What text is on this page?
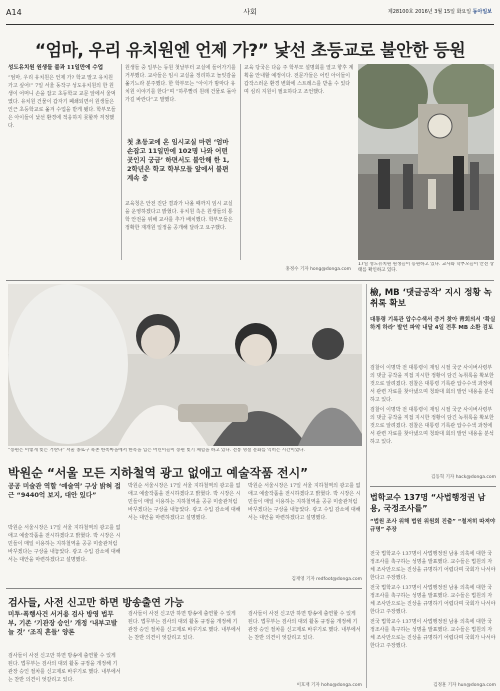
A14	사회	제28100호 2016년 3월 15일 화요일 동아일보
“엄마, 우리 유치원엔 언제 가?” 낯선 초등교로 불안한 등원

성도유치원 원생들 불과 11일만에 수업

“엄마, 우리 유치원은 언제 가? 학교 말고 유치원 가고 싶어!” 7일 서울 동작구 성도유치원의 한 원생이 어머니 손을 잡고 초등학교 교문 앞에서 울먹였다. 유치원 건물이 갑자기 폐쇄되면서 원생들은 인근 초등학교로 옮겨 수업을 받게 됐다. 학부모들은 아이들이 낯선 환경에 적응하지 못할까 걱정했다.

원생들 중 일부는 등원 첫날부터 교실에 들어가기를 거부했다. 교사들은 임시 교실을 정리하고 놀잇감을 옮기느라 분주했다. 한 학부모는 “아이가 밤마다 유치원 이야기를 한다”며 “하루빨리 원래 건물로 돌아가길 바란다”고 말했다.

첫 초등교에 온 임시교실 마련 ‘엄마 손잡고 11일만에 102명 나와 어떤 곳인지 궁금’ 하면서도 불안해 한 1, 2학년은 학교 학부모들 앞에서 불편 계속 중

교육청은 안전 진단 결과가 나올 때까지 임시 교실을 운영하겠다고 밝혔다. 유치원 측은 원생들의 통학 안전을 위해 교사를 추가 배치했다. 학부모들은 정확한 재개원 일정을 공개해 달라고 요구했다.

교육 당국은 다음 주 학부모 설명회를 열고 향후 계획을 안내할 예정이다. 전문가들은 어린 아이들이 갑작스러운 환경 변화에 스트레스를 받을 수 있다며 심리 지원이 필요하다고 조언했다.

홍정수 기자 hong@donga.com
17일 성도유치원 원생들이 등원하고 있다. 교사와 학부모들이 안전 상태를 확인하고 있다.
“송편은 이렇게 빚는 거란다” 서울 종로구 북촌 한옥마을에서 한복을 입은 어린이들이 송편 빚기 체험을 하고 있다. 전통 명절 문화를 익히는 시간이었다.
박원순 “서울 모든 지하철역 광고 없애고 예술작품 전시”
공공 미술관 역할 ‘예술역’ 구상 밝혀 접근 “9440억 보지, 대안 있다”

박원순 서울시장은 17일 서울 지하철역의 광고를 없애고 예술작품을 전시하겠다고 밝혔다. 박 시장은 시민들이 매일 이용하는 지하철역을 공공 미술관처럼 바꾸겠다는 구상을 내놓았다. 광고 수입 감소에 대해서는 대안을 마련하겠다고 설명했다.

박원순 서울시장은 17일 서울 지하철역의 광고를 없애고 예술작품을 전시하겠다고 밝혔다. 박 시장은 시민들이 매일 이용하는 지하철역을 공공 미술관처럼 바꾸겠다는 구상을 내놓았다. 광고 수입 감소에 대해서는 대안을 마련하겠다고 설명했다.

박원순 서울시장은 17일 서울 지하철역의 광고를 없애고 예술작품을 전시하겠다고 밝혔다. 박 시장은 시민들이 매일 이용하는 지하철역을 공공 미술관처럼 바꾸겠다는 구상을 내놓았다. 광고 수입 감소에 대해서는 대안을 마련하겠다고 설명했다.

김재영 기자 redfoot@donga.com
검사들, 사전 신고만 하면 방송출연 가능
미투·폭행사건 서거용 검사 방영 법무부, 기존 ‘기관장 승인’ 개정 ‘내부고발 늘 것’ ‘조직 흔들’ 양론

검사들이 사전 신고만 하면 방송에 출연할 수 있게 된다. 법무부는 검사의 대외 활동 규정을 개정해 기관장 승인 절차를 신고제로 바꾸기로 했다. 내부에서는 찬반 의견이 엇갈리고 있다.

검사들이 사전 신고만 하면 방송에 출연할 수 있게 된다. 법무부는 검사의 대외 활동 규정을 개정해 기관장 승인 절차를 신고제로 바꾸기로 했다. 내부에서는 찬반 의견이 엇갈리고 있다.

검사들이 사전 신고만 하면 방송에 출연할 수 있게 된다. 법무부는 검사의 대외 활동 규정을 개정해 기관장 승인 절차를 신고제로 바꾸기로 했다. 내부에서는 찬반 의견이 엇갈리고 있다.

이호재 기자 hoho@donga.com
檢, MB ‘댓글공작’ 지시 정황 녹취록 확보
대통령 기록관 압수수색서 증거 찾아 靑회의서 ‘확실하게 하라’ 발언 파악 내달 4일 전후 MB 소환 검토

검찰이 이명박 전 대통령이 재임 시절 국군 사이버사령부의 댓글 공작을 직접 지시한 정황이 담긴 녹취록을 확보한 것으로 알려졌다. 검찰은 대통령 기록관 압수수색 과정에서 관련 자료를 찾아냈으며 청와대 회의 발언 내용을 분석하고 있다.

검찰이 이명박 전 대통령이 재임 시절 국군 사이버사령부의 댓글 공작을 직접 지시한 정황이 담긴 녹취록을 확보한 것으로 알려졌다. 검찰은 대통령 기록관 압수수색 과정에서 관련 자료를 찾아냈으며 청와대 회의 발언 내용을 분석하고 있다.

김동혁 기자 hack@donga.com
법학교수 137명 “사법행정권 남용, 국정조사를”
“법원 조사 위해 법원 위원회 진출” “철저히 따져야 규명” 주장

전국 법학교수 137명이 사법행정권 남용 의혹에 대한 국정조사를 촉구하는 성명을 발표했다. 교수들은 법원의 자체 조사만으로는 진상을 규명하기 어렵다며 국회가 나서야 한다고 주장했다.

전국 법학교수 137명이 사법행정권 남용 의혹에 대한 국정조사를 촉구하는 성명을 발표했다. 교수들은 법원의 자체 조사만으로는 진상을 규명하기 어렵다며 국회가 나서야 한다고 주장했다.

전국 법학교수 137명이 사법행정권 남용 의혹에 대한 국정조사를 촉구하는 성명을 발표했다. 교수들은 법원의 자체 조사만으로는 진상을 규명하기 어렵다며 국회가 나서야 한다고 주장했다.

김정훈 기자 hun@donga.com
